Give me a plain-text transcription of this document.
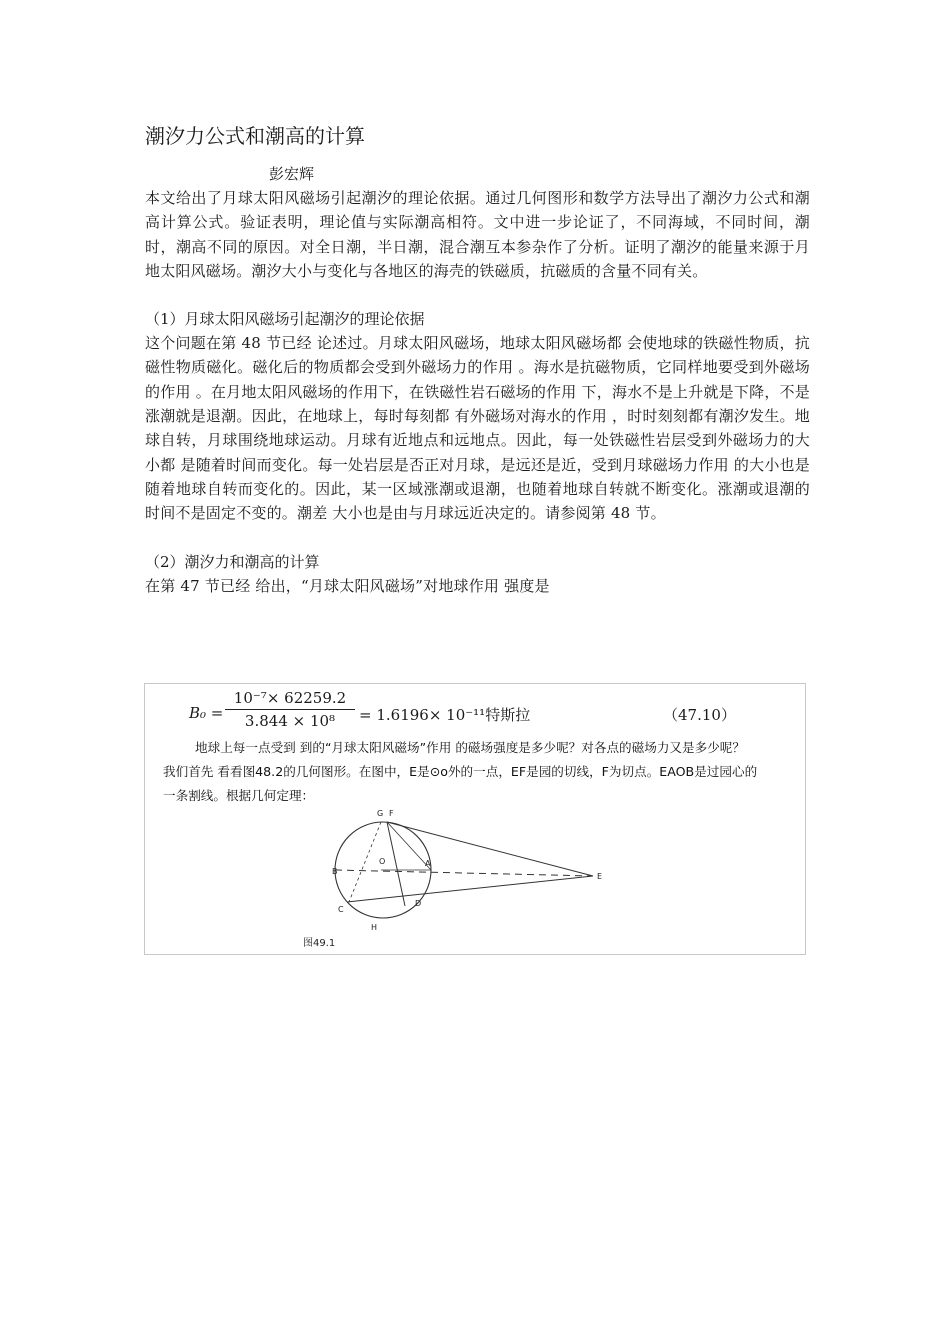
潮汐力公式和潮高的计算

彭宏辉

本文给出了月球太阳风磁场引起潮汐的理论依据。通过几何图形和数学方法导出了潮汐力公式和潮高计算公式。验证表明，理论值与实际潮高相符。文中进一步论证了，不同海域，不同时间，潮时，潮高不同的原因。对全日潮，半日潮，混合潮互本参杂作了分析。证明了潮汐的能量来源于月地太阳风磁场。潮汐大小与变化与各地区的海壳的铁磁质，抗磁质的含量不同有关。

（1）月球太阳风磁场引起潮汐的理论依据

这个问题在第 48 节已经 论述过。月球太阳风磁场，地球太阳风磁场都 会使地球的铁磁性物质，抗磁性物质磁化。磁化后的物质都会受到外磁场力的作用 。海水是抗磁物质，它同样地要受到外磁场的作用 。在月地太阳风磁场的作用下，在铁磁性岩石磁场的作用 下，海水不是上升就是下降，不是涨潮就是退潮。因此，在地球上，每时每刻都 有外磁场对海水的作用 ，时时刻刻都有潮汐发生。地球自转，月球围绕地球运动。月球有近地点和远地点。因此，每一处铁磁性岩层受到外磁场力的大小都 是随着时间而变化。每一处岩层是否正对月球，是远还是近，受到月球磁场力作用 的大小也是随着地球自转而变化的。因此，某一区域涨潮或退潮，也随着地球自转就不断变化。涨潮或退潮的时间不是固定不变的。潮差 大小也是由与月球远近决定的。请参阅第 48 节。

（2）潮汐力和潮高的计算

在第 47 节已经 给出，“月球太阳风磁场”对地球作用 强度是

$B_0 = \frac{\text{10⁻⁷× 62259.2}}{\text{3.844 × 10⁸}} = 1.6196\times 10^{-11}$特斯拉	（47.10）

地球上每一点受到 到的“月球太阳风磁场”作用 的磁场强度是多少呢？对各点的磁场力又是多少呢？

我们首先 看看图48.2的几何图形。在图中，E是⊙o外的一点，EF是园的切线，F为切点。EAOB是过园心的

一条割线。根据几何定理：

G F
B
O	A
E
C
D
H
图49.1
